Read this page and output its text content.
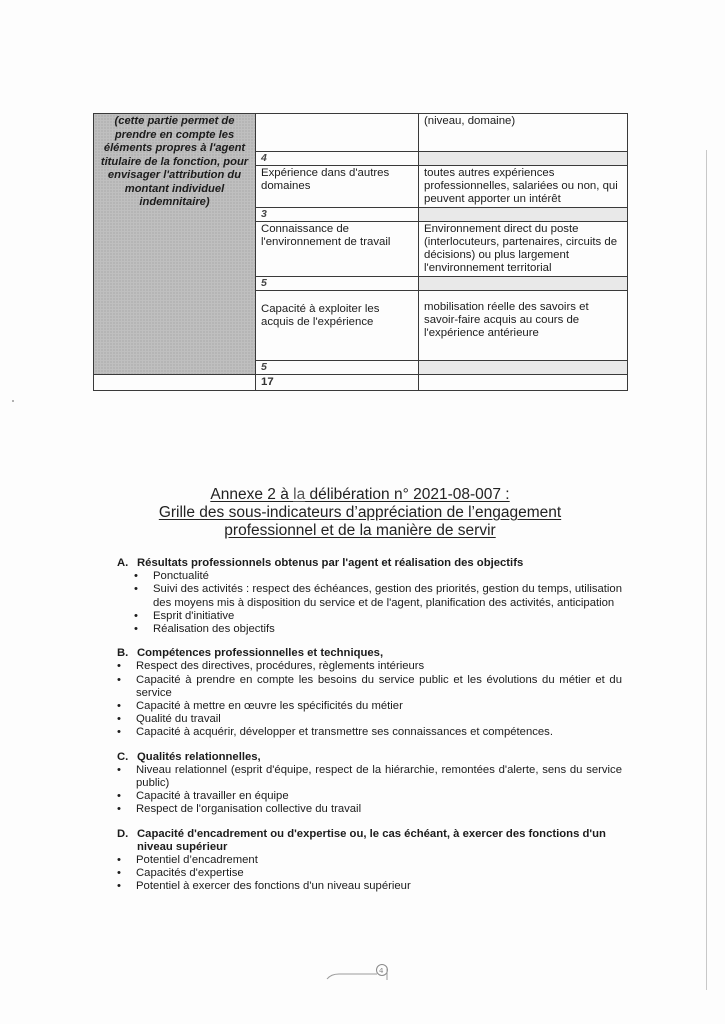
(cette partie permet de prendre en compte les éléments propres à l'agent titulaire de la fonction, pour envisager l'attribution du montant individuel indemnitaire)		(niveau, domaine)
	4	
	Expérience dans d'autres domaines	toutes autres expériences professionnelles, salariées ou non, qui peuvent apporter un intérêt
	3	
	Connaissance de l'environnement de travail	Environnement direct du poste (interlocuteurs, partenaires, circuits de décisions) ou plus largement l'environnement territorial
	5	
	Capacité à exploiter les acquis de l'expérience	mobilisation réelle des savoirs et savoir-faire acquis au cours de l'expérience antérieure
	5	
	17	
Annexe 2 à la délibération n° 2021-08-007 :
Grille des sous-indicateurs d’appréciation de l’engagement
professionnel et de la manière de servir
A. Résultats professionnels obtenus par l'agent et réalisation des objectifs
•	Ponctualité
•	Suivi des activités : respect des échéances, gestion des priorités, gestion du temps, utilisation des moyens mis à disposition du service et de l'agent, planification des activités, anticipation
•	Esprit d'initiative
•	Réalisation des objectifs
B. Compétences professionnelles et techniques,
•	Respect des directives, procédures, règlements intérieurs
•	Capacité à prendre en compte les besoins du service public et les évolutions du métier et du service
•	Capacité à mettre en œuvre les spécificités du métier
•	Qualité du travail
•	Capacité à acquérir, développer et transmettre ses connaissances et compétences.
C. Qualités relationnelles,
•	Niveau relationnel (esprit d'équipe, respect de la hiérarchie, remontées d'alerte, sens du service public)
•	Capacité à travailler en équipe
•	Respect de l'organisation collective du travail
D. Capacité d'encadrement ou d'expertise ou, le cas échéant, à exercer des fonctions d'un niveau supérieur
•	Potentiel d’encadrement
•	Capacités d'expertise
•	Potentiel à exercer des fonctions d'un niveau supérieur
4
